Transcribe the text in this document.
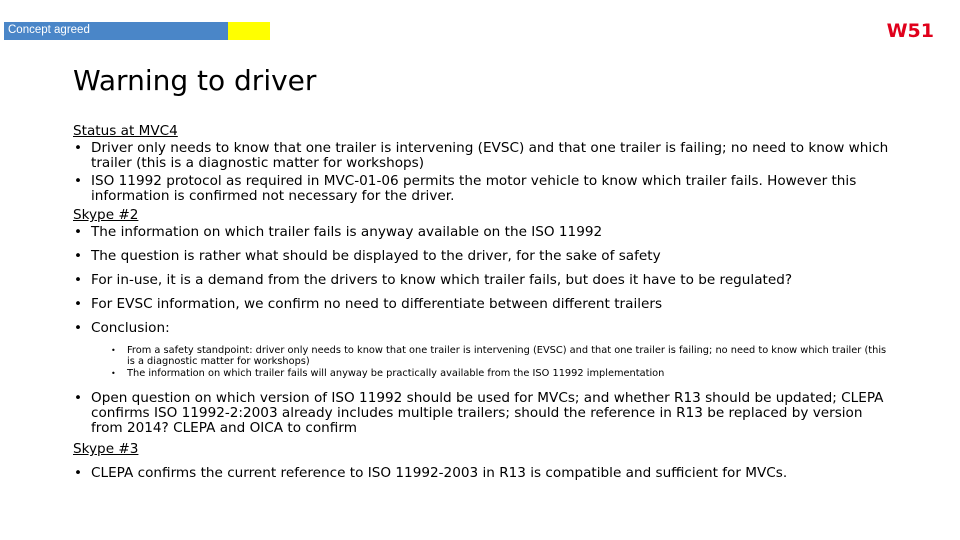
Concept agreed	W51
Warning to driver
Status at MVC4
• Driver only needs to know that one trailer is intervening (EVSC) and that one trailer is failing; no need to know which trailer (this is a diagnostic matter for workshops)
• ISO 11992 protocol as required in MVC-01-06 permits the motor vehicle to know which trailer fails. However this information is confirmed not necessary for the driver.
Skype #2
• The information on which trailer fails is anyway available on the ISO 11992
• The question is rather what should be displayed to the driver, for the sake of safety
• For in-use, it is a demand from the drivers to know which trailer fails, but does it have to be regulated?
• For EVSC information, we confirm no need to differentiate between different trailers
• Conclusion:
• From a safety standpoint: driver only needs to know that one trailer is intervening (EVSC) and that one trailer is failing; no need to know which trailer (this is a diagnostic matter for workshops)
• The information on which trailer fails will anyway be practically available from the ISO 11992 implementation
• Open question on which version of ISO 11992 should be used for MVCs; and whether R13 should be updated; CLEPA confirms ISO 11992-2:2003 already includes multiple trailers; should the reference in R13 be replaced by version from 2014? CLEPA and OICA to confirm
Skype #3
• CLEPA confirms the current reference to ISO 11992-2003 in R13 is compatible and sufficient for MVCs.
